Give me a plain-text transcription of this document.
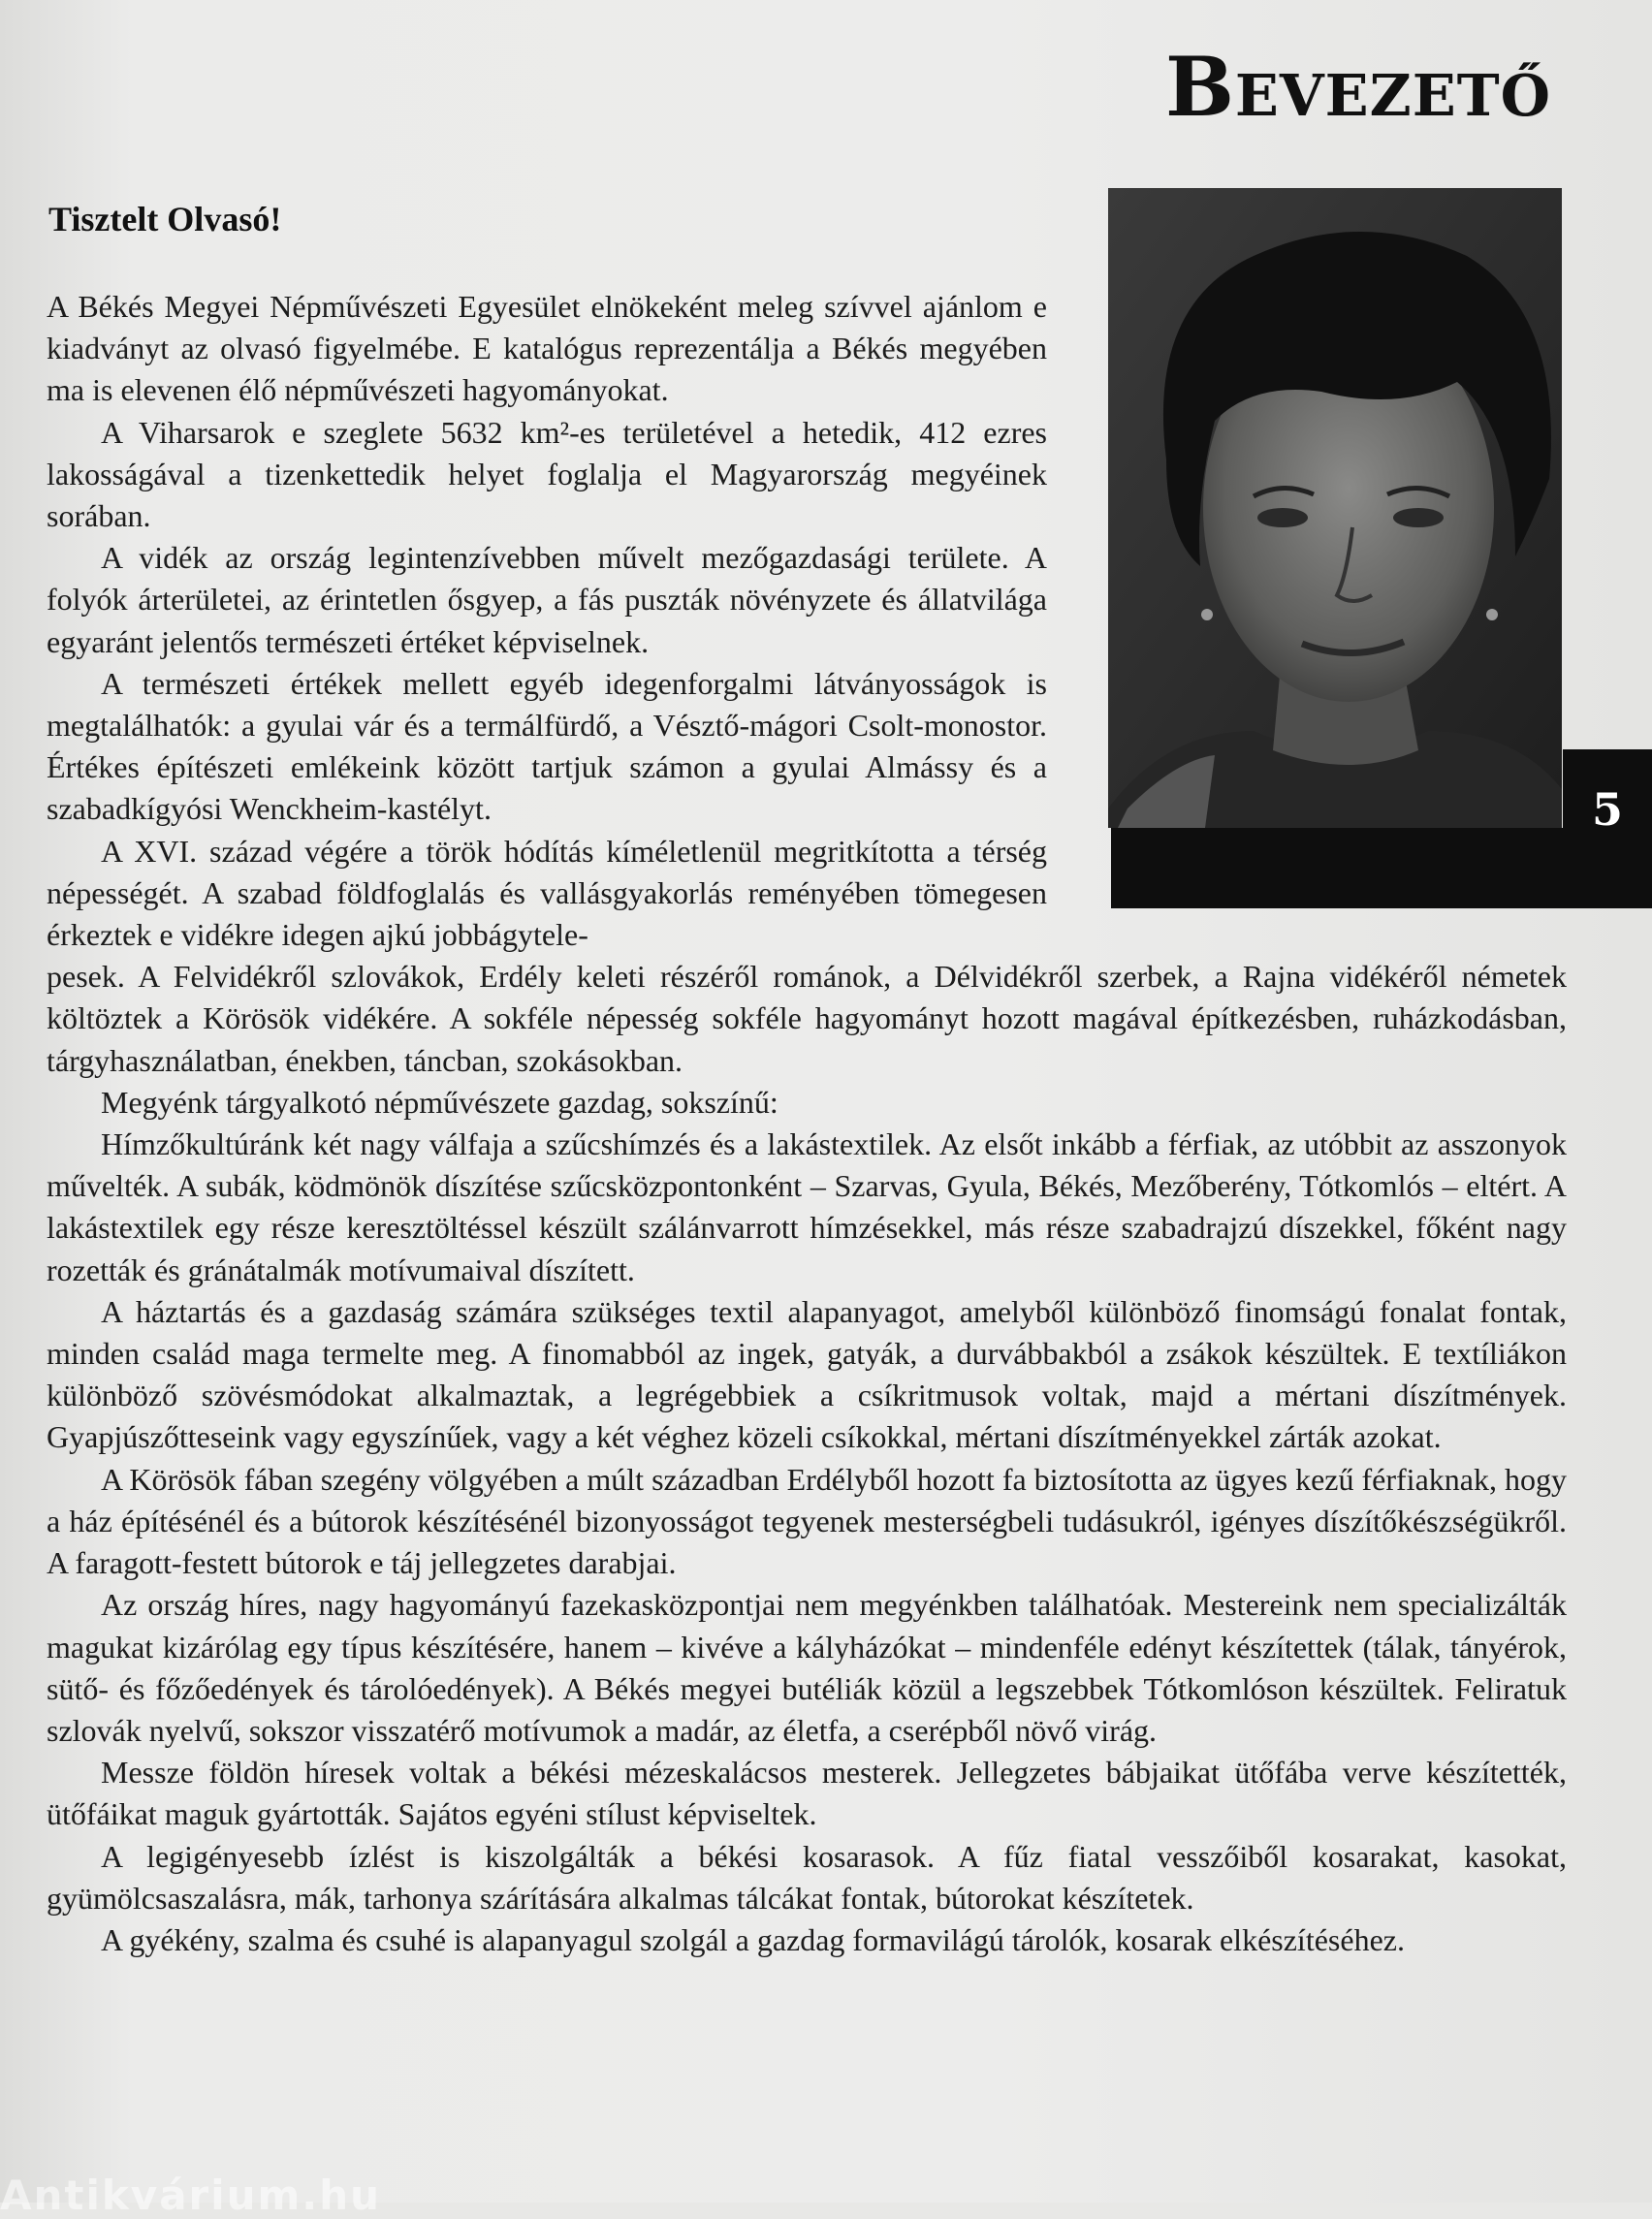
Bevezető
5
Tisztelt Olvasó!

A Békés Megyei Népművészeti Egyesület elnökeként meleg szívvel ajánlom e kiadványt az olvasó figyelmébe. E katalógus reprezentálja a Békés megyében ma is elevenen élő népművészeti hagyományokat.

A Viharsarok e szeglete 5632 km²-es területével a hetedik, 412 ezres lakosságával a tizenkettedik helyet foglalja el Magyarország megyéinek sorában.

A vidék az ország legintenzívebben művelt mezőgazdasági területe. A folyók árterületei, az érintetlen ősgyep, a fás puszták növényzete és állatvilága egyaránt jelentős természeti értéket képviselnek.

A természeti értékek mellett egyéb idegenforgalmi látványosságok is megtalálhatók: a gyulai vár és a termálfürdő, a Vésztő-mágori Csolt-monostor. Értékes építészeti emlékeink között tartjuk számon a gyulai Almássy és a szabadkígyósi Wenckheim-kastélyt.

A XVI. század végére a török hódítás kíméletlenül megritkította a térség népességét. A szabad földfoglalás és vallásgyakorlás reményében tömegesen érkeztek e vidékre idegen ajkú jobbágytele-

pesek. A Felvidékről szlovákok, Erdély keleti részéről románok, a Délvidékről szerbek, a Rajna vidékéről németek költöztek a Körösök vidékére. A sokféle népesség sokféle hagyományt hozott magával építkezésben, ruházkodásban, tárgyhasználatban, énekben, táncban, szokásokban.

Megyénk tárgyalkotó népművészete gazdag, sokszínű:

Hímzőkultúránk két nagy válfaja a szűcshímzés és a lakástextilek. Az elsőt inkább a férfiak, az utóbbit az asszonyok művelték. A subák, ködmönök díszítése szűcsközpontonként – Szarvas, Gyula, Békés, Mezőberény, Tótkomlós – eltért. A lakástextilek egy része keresztöltéssel készült szálánvarrott hímzésekkel, más része szabadrajzú díszekkel, főként nagy rozetták és gránátalmák motívumaival díszített.

A háztartás és a gazdaság számára szükséges textil alapanyagot, amelyből különböző finomságú fonalat fontak, minden család maga termelte meg. A finomabból az ingek, gatyák, a durvábbakból a zsákok készültek. E textíliákon különböző szövésmódokat alkalmaztak, a legrégebbiek a csíkritmusok voltak, majd a mértani díszítmények. Gyapjúszőtteseink vagy egyszínűek, vagy a két véghez közeli csíkokkal, mértani díszítményekkel zárták azokat.

A Körösök fában szegény völgyében a múlt században Erdélyből hozott fa biztosította az ügyes kezű férfiaknak, hogy a ház építésénél és a bútorok készítésénél bizonyosságot tegyenek mesterségbeli tudásukról, igényes díszítőkészségükről. A faragott-festett bútorok e táj jellegzetes darabjai.

Az ország híres, nagy hagyományú fazekasközpontjai nem megyénkben találhatóak. Mestereink nem specializálták magukat kizárólag egy típus készítésére, hanem – kivéve a kályházókat – mindenféle edényt készítettek (tálak, tányérok, sütő- és főzőedények és tárolóedények). A Békés megyei butéliák közül a legszebbek Tótkomlóson készültek. Feliratuk szlovák nyelvű, sokszor visszatérő motívumok a madár, az életfa, a cserépből növő virág.

Messze földön híresek voltak a békési mézeskalácsos mesterek. Jellegzetes bábjaikat ütőfába verve készítették, ütőfáikat maguk gyártották. Sajátos egyéni stílust képviseltek.

A legigényesebb ízlést is kiszolgálták a békési kosarasok. A fűz fiatal vesszőiből kosarakat, kasokat, gyümölcsaszalásra, mák, tarhonya szárítására alkalmas tálcákat fontak, bútorokat készítetek.

A gyékény, szalma és csuhé is alapanyagul szolgál a gazdag formavilágú tárolók, kosarak elkészítéséhez.

Antikvárium.hu
